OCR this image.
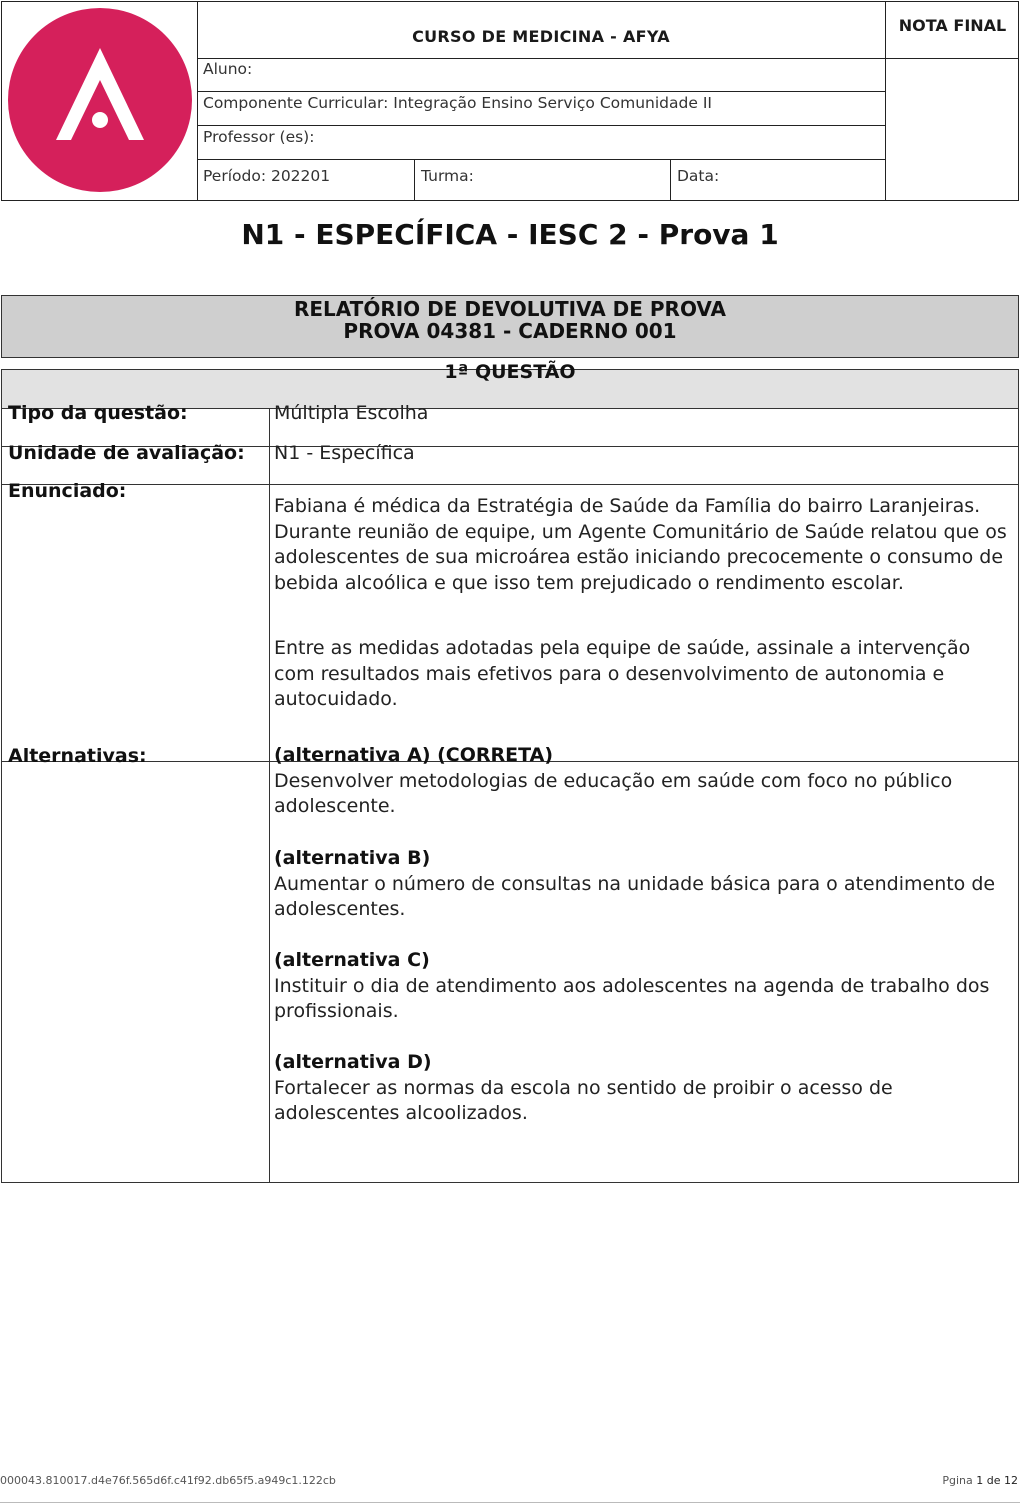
CURSO DE MEDICINA - AFYA
NOTA FINAL
Aluno:
Componente Curricular: Integração Ensino Serviço Comunidade II
Professor (es):
Período: 202201	Turma:	Data:
N1 - ESPECÍFICA - IESC 2 - Prova 1
RELATÓRIO DE DEVOLUTIVA DE PROVA
PROVA 04381 - CADERNO 001
1ª QUESTÃO
Tipo da questão:	Múltipla Escolha
Unidade de avaliação: N1 - Específica
Enunciado:
Fabiana é médica da Estratégia de Saúde da Família do bairro Laranjeiras. Durante reunião de equipe, um Agente Comunitário de Saúde relatou que os adolescentes de sua microárea estão iniciando precocemente o consumo de bebida alcoólica e que isso tem prejudicado o rendimento escolar.
Entre as medidas adotadas pela equipe de saúde, assinale a intervenção com resultados mais efetivos para o desenvolvimento de autonomia e autocuidado.
Alternativas:	(alternativa A) (CORRETA)
Desenvolver metodologias de educação em saúde com foco no público adolescente.
(alternativa B)
Aumentar o número de consultas na unidade básica para o atendimento de adolescentes.
(alternativa C)
Instituir o dia de atendimento aos adolescentes na agenda de trabalho dos profissionais.
(alternativa D)
Fortalecer as normas da escola no sentido de proibir o acesso de adolescentes alcoolizados.
000043.810017.d4e76f.565d6f.c41f92.db65f5.a949c1.122cb	Pgina 1 de 12
